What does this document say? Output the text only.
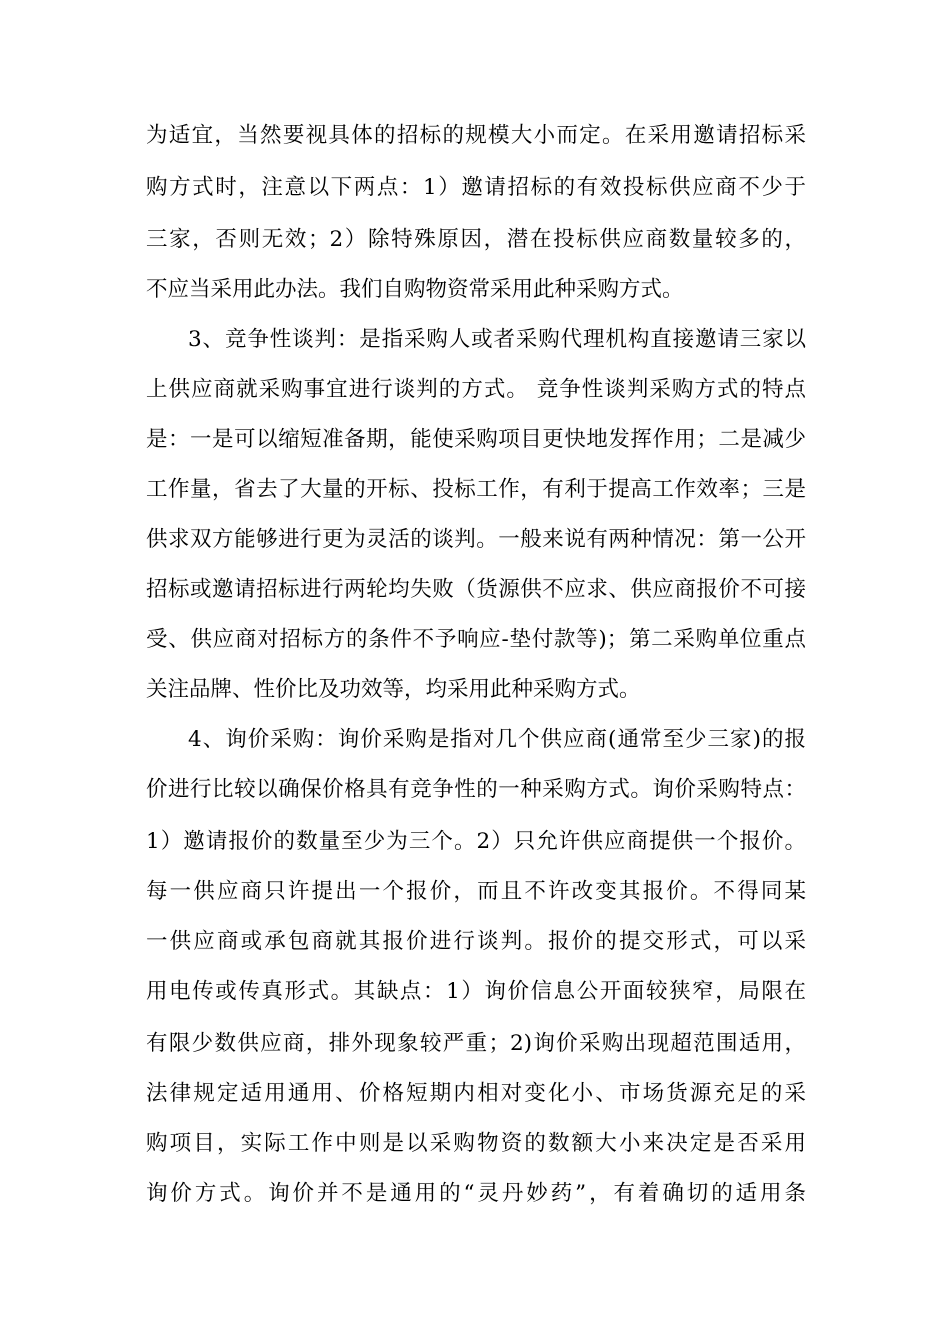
为适宜，当然要视具体的招标的规模大小而定。在采用邀请招标采
购方式时，注意以下两点：1）邀请招标的有效投标供应商不少于
三家，否则无效；2）除特殊原因，潜在投标供应商数量较多的，
不应当采用此办法。我们自购物资常采用此种采购方式。
3、竞争性谈判：是指采购人或者采购代理机构直接邀请三家以
上供应商就采购事宜进行谈判的方式。 竞争性谈判采购方式的特点
是：一是可以缩短准备期，能使采购项目更快地发挥作用；二是减少
工作量，省去了大量的开标、投标工作，有利于提高工作效率；三是
供求双方能够进行更为灵活的谈判。一般来说有两种情况：第一公开
招标或邀请招标进行两轮均失败（货源供不应求、供应商报价不可接
受、供应商对招标方的条件不予响应-垫付款等)；第二采购单位重点
关注品牌、性价比及功效等，均采用此种采购方式。
4、询价采购：询价采购是指对几个供应商(通常至少三家)的报
价进行比较以确保价格具有竞争性的一种采购方式。询价采购特点：
1）邀请报价的数量至少为三个。2）只允许供应商提供一个报价。
每一供应商只许提出一个报价，而且不许改变其报价。不得同某
一供应商或承包商就其报价进行谈判。报价的提交形式，可以采
用电传或传真形式。其缺点：1）询价信息公开面较狭窄，局限在
有限少数供应商，排外现象较严重；2)询价采购出现超范围适用，
法律规定适用通用、价格短期内相对变化小、市场货源充足的采
购项目，实际工作中则是以采购物资的数额大小来决定是否采用
询价方式。询价并不是通用的“灵丹妙药”，有着确切的适用条
